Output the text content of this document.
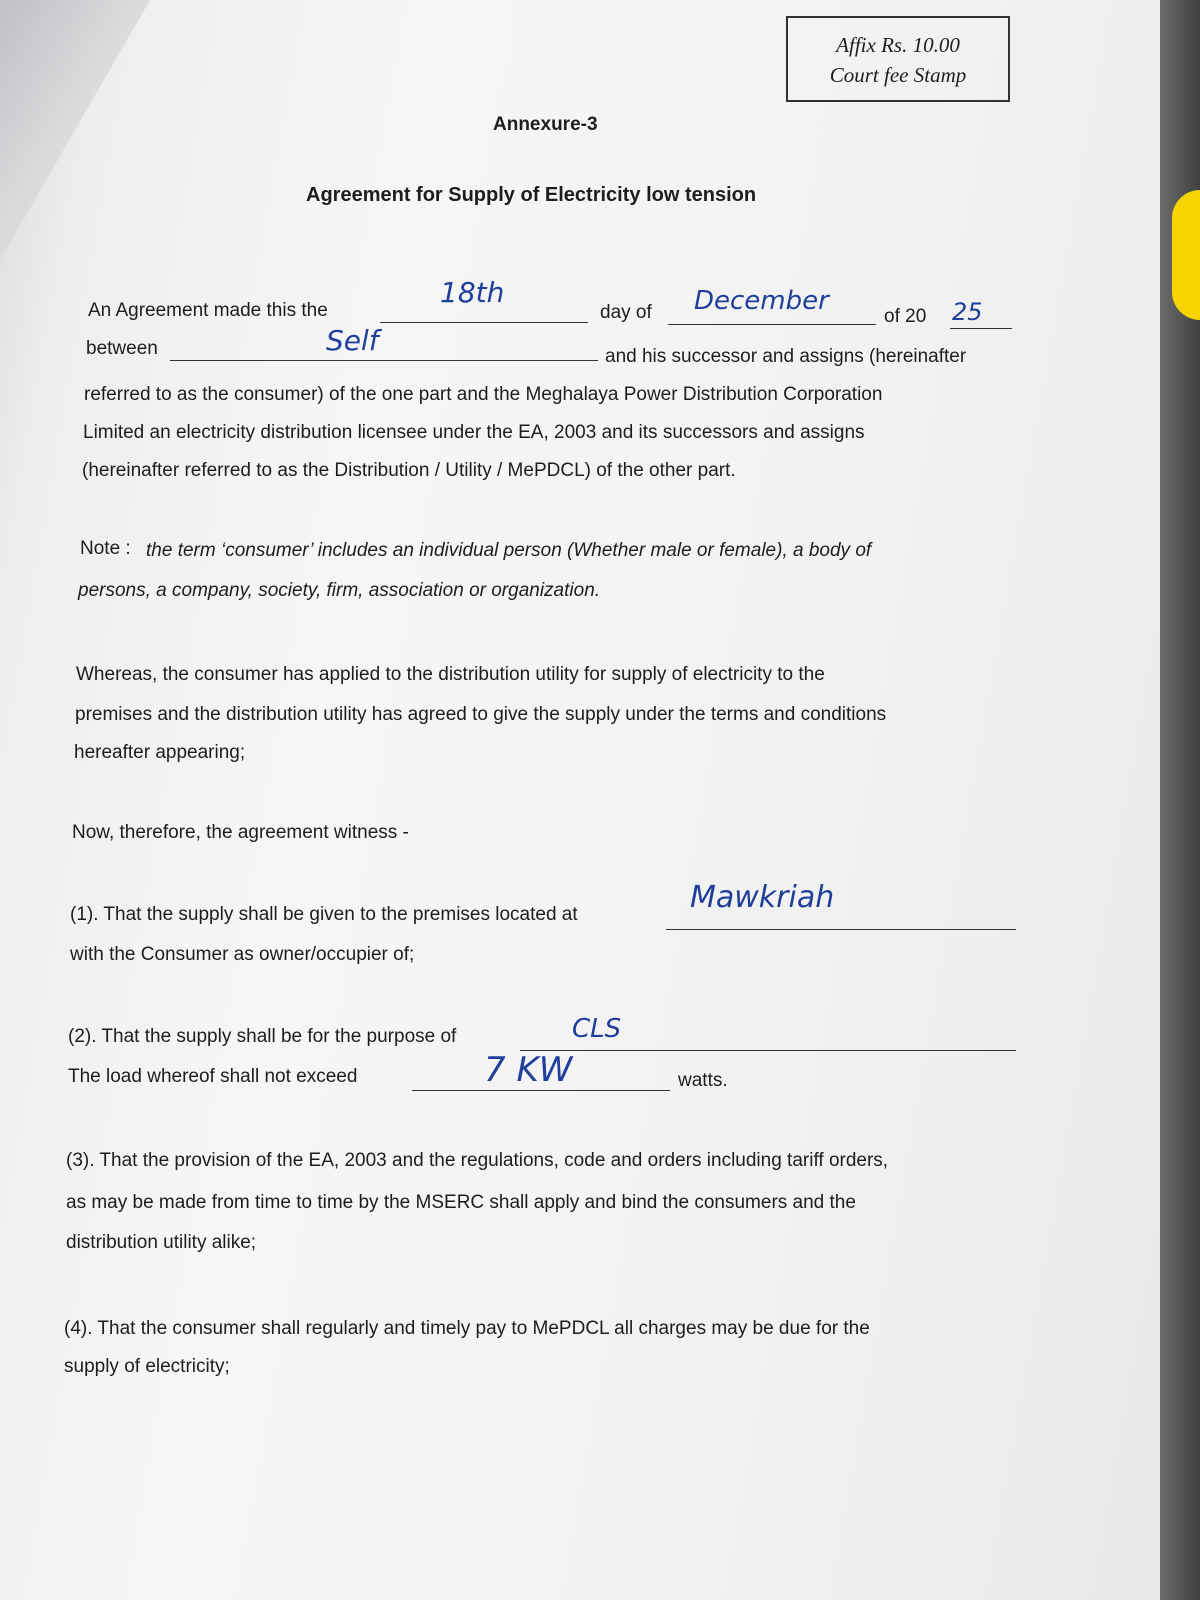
Affix Rs. 10.00
Court fee Stamp
Annexure-3
Agreement for Supply of Electricity low tension
An Agreement made this the
18th
day of December
of 20 25
between	Self	and his successor and assigns (hereinafter
referred to as the consumer) of the one part and the Meghalaya Power Distribution Corporation
Limited an electricity distribution licensee under the EA, 2003 and its successors and assigns
(hereinafter referred to as the Distribution / Utility / MePDCL) of the other part.
Note : the term ‘consumer’ includes an individual person (Whether male or female), a body of
persons, a company, society, firm, association or organization.
Whereas, the consumer has applied to the distribution utility for supply of electricity to the
premises and the distribution utility has agreed to give the supply under the terms and conditions
hereafter appearing;
Now, therefore, the agreement witness -
(1). That the supply shall be given to the premises located at	Mawkriah
with the Consumer as owner/occupier of;
(2). That the supply shall be for the purpose of	CLS
The load whereof shall not exceed	7 KW	watts.
(3). That the provision of the EA, 2003 and the regulations, code and orders including tariff orders,
as may be made from time to time by the MSERC shall apply and bind the consumers and the
distribution utility alike;
(4). That the consumer shall regularly and timely pay to MePDCL all charges may be due for the
supply of electricity;
